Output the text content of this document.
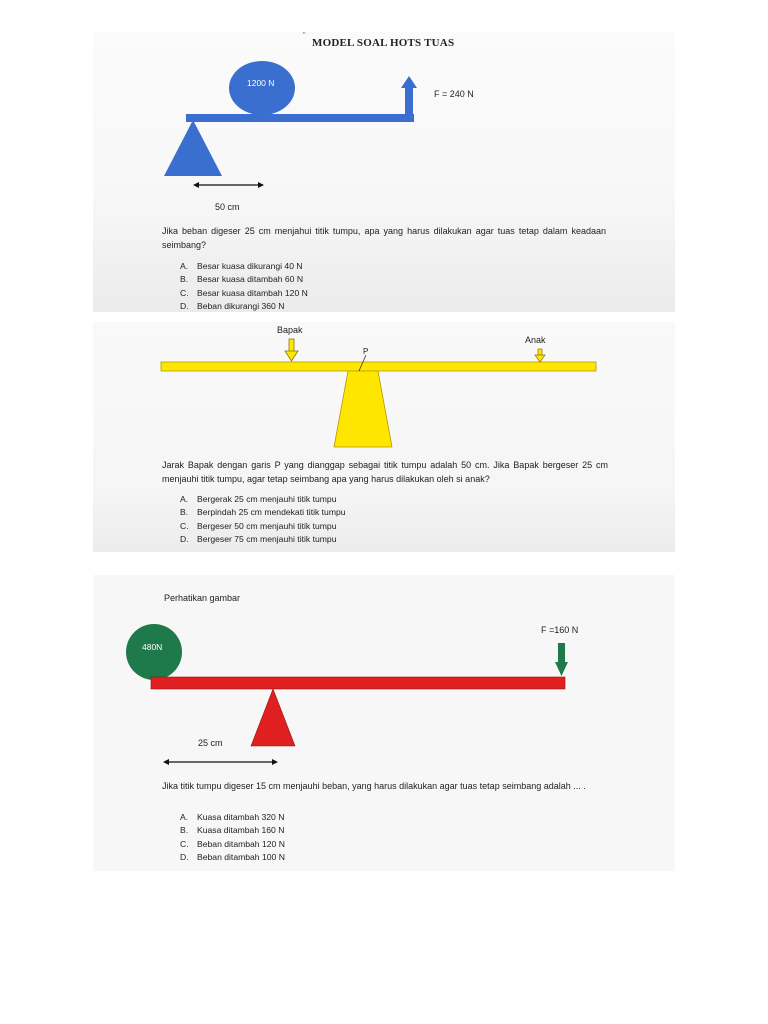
"
MODEL SOAL HOTS TUAS
1200 N
F = 240 N
50 cm
Jika beban digeser 25 cm menjahui titik tumpu, apa yang harus dilakukan agar tuas tetap dalam keadaan seimbang?
A.	Besar kuasa dikurangi 40 N
B.	Besar kuasa ditambah 60 N
C. Besar kuasa ditambah 120 N
D. Beban dikurangi 360 N
Bapak
Anak
P
Jarak Bapak dengan garis P yang dianggap sebagai titik tumpu adalah 50 cm. Jika Bapak bergeser 25 cm menjauhi titik tumpu, agar tetap seimbang apa yang harus dilakukan oleh si anak?
A.	Bergerak 25 cm menjauhi titik tumpu
B.	Berpindah 25 cm mendekati titik tumpu
C. Bergeser 50 cm menjauhi titik tumpu
D. Bergeser 75 cm menjauhi titik tumpu
Perhatikan gambar
480N
F =160 N
25 cm
Jika titik tumpu digeser 15 cm menjauhi beban, yang harus dilakukan agar tuas tetap seimbang adalah ... .
A.	Kuasa ditambah 320 N
B.	Kuasa ditambah 160 N
C. Beban ditambah 120 N
D. Beban ditambah 100 N
